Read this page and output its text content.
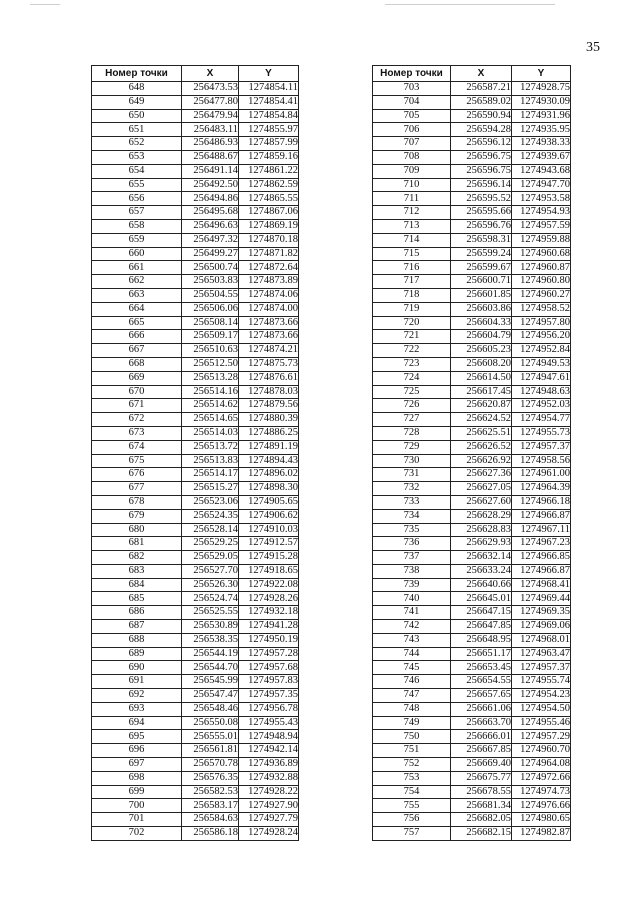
35
Номер точки	X	Y
648	256473.53	1274854.11
649	256477.80	1274854.41
650	256479.94	1274854.84
651	256483.11	1274855.97
652	256486.93	1274857.99
653	256488.67	1274859.16
654	256491.14	1274861.22
655	256492.50	1274862.59
656	256494.86	1274865.55
657	256495.68	1274867.06
658	256496.63	1274869.19
659	256497.32	1274870.18
660	256499.27	1274871.82
661	256500.74	1274872.64
662	256503.83	1274873.89
663	256504.55	1274874.06
664	256506.06	1274874.00
665	256508.14	1274873.66
666	256509.17	1274873.66
667	256510.63	1274874.21
668	256512.50	1274875.73
669	256513.28	1274876.61
670	256514.16	1274878.03
671	256514.62	1274879.56
672	256514.65	1274880.39
673	256514.03	1274886.25
674	256513.72	1274891.19
675	256513.83	1274894.43
676	256514.17	1274896.02
677	256515.27	1274898.30
678	256523.06	1274905.65
679	256524.35	1274906.62
680	256528.14	1274910.03
681	256529.25	1274912.57
682	256529.05	1274915.28
683	256527.70	1274918.65
684	256526.30	1274922.08
685	256524.74	1274928.26
686	256525.55	1274932.18
687	256530.89	1274941.28
688	256538.35	1274950.19
689	256544.19	1274957.28
690	256544.70	1274957.68
691	256545.99	1274957.83
692	256547.47	1274957.35
693	256548.46	1274956.78
694	256550.08	1274955.43
695	256555.01	1274948.94
696	256561.81	1274942.14
697	256570.78	1274936.89
698	256576.35	1274932.88
699	256582.53	1274928.22
700	256583.17	1274927.90
701	256584.63	1274927.79
702	256586.18	1274928.24
Номер точки	X	Y
703	256587.21	1274928.75
704	256589.02	1274930.09
705	256590.94	1274931.96
706	256594.28	1274935.95
707	256596.12	1274938.33
708	256596.75	1274939.67
709	256596.75	1274943.68
710	256596.14	1274947.70
711	256595.52	1274953.58
712	256595.66	1274954.93
713	256596.76	1274957.59
714	256598.31	1274959.88
715	256599.24	1274960.68
716	256599.67	1274960.87
717	256600.71	1274960.80
718	256601.85	1274960.27
719	256603.86	1274958.52
720	256604.33	1274957.80
721	256604.79	1274956.20
722	256605.23	1274952.84
723	256608.20	1274949.53
724	256614.50	1274947.61
725	256617.45	1274948.63
726	256620.87	1274952.03
727	256624.52	1274954.77
728	256625.51	1274955.73
729	256626.52	1274957.37
730	256626.92	1274958.56
731	256627.36	1274961.00
732	256627.05	1274964.39
733	256627.60	1274966.18
734	256628.29	1274966.87
735	256628.83	1274967.11
736	256629.93	1274967.23
737	256632.14	1274966.85
738	256633.24	1274966.87
739	256640.66	1274968.41
740	256645.01	1274969.44
741	256647.15	1274969.35
742	256647.85	1274969.06
743	256648.95	1274968.01
744	256651.17	1274963.47
745	256653.45	1274957.37
746	256654.55	1274955.74
747	256657.65	1274954.23
748	256661.06	1274954.50
749	256663.70	1274955.46
750	256666.01	1274957.29
751	256667.85	1274960.70
752	256669.40	1274964.08
753	256675.77	1274972.66
754	256678.55	1274974.73
755	256681.34	1274976.66
756	256682.05	1274980.65
757	256682.15	1274982.87
